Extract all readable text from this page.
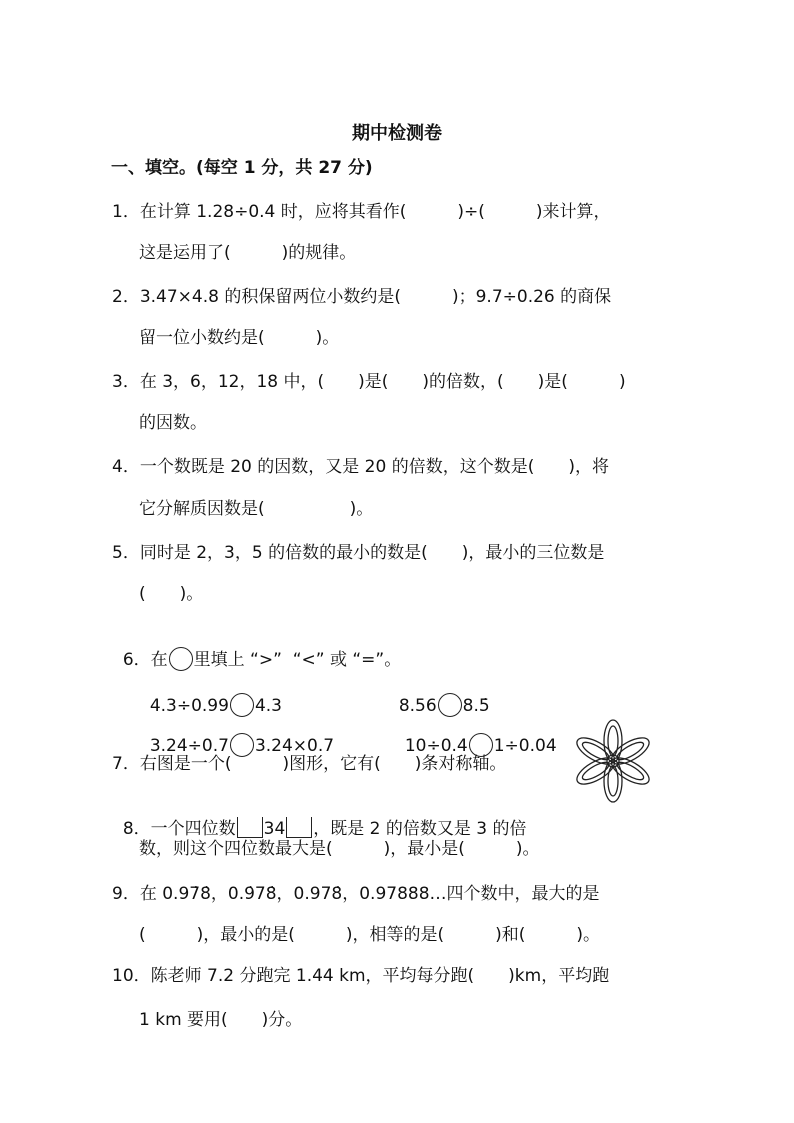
期中检测卷
一、填空。(每空 1 分，共 27 分)
1．在计算 1.28÷0.4 时，应将其看作(　　　)÷(　　　)来计算，
这是运用了(　　　)的规律。
2．3.47×4.8 的积保留两位小数约是(　　　)；9.7÷0.26 的商保
留一位小数约是(　　　)。
3．在 3，6，12，18 中，(　　)是(　　)的倍数，(　　)是(　　　)
的因数。
4．一个数既是 20 的因数，又是 20 的倍数，这个数是(　　)，将
它分解质因数是(　　　　　)。
5．同时是 2，3，5 的倍数的最小的数是(　　)，最小的三位数是
(　　)。

6．在 里填上 “>”  “<” 或 “=”。

4.3÷0.99 4.3	8.56 8.5̇

3.24÷0.7 3.24×0.7	10÷0.4 1÷0.04

7．右图是一个(　　　)图形，它有(　　)条对称轴。

8．一个四位数 34 ，既是 2 的倍数又是 3 的倍

数，则这个四位数最大是(　　　)，最小是(　　　)。
9．在 0.97̇8̇，0.9̇78̇，0.978̇，0.97888…四个数中，最大的是
(　　　)，最小的是(　　　)，相等的是(　　　)和(　　　)。
10．陈老师 7.2 分跑完 1.44 km，平均每分跑(　　)km，平均跑
1 km 要用(　　)分。
